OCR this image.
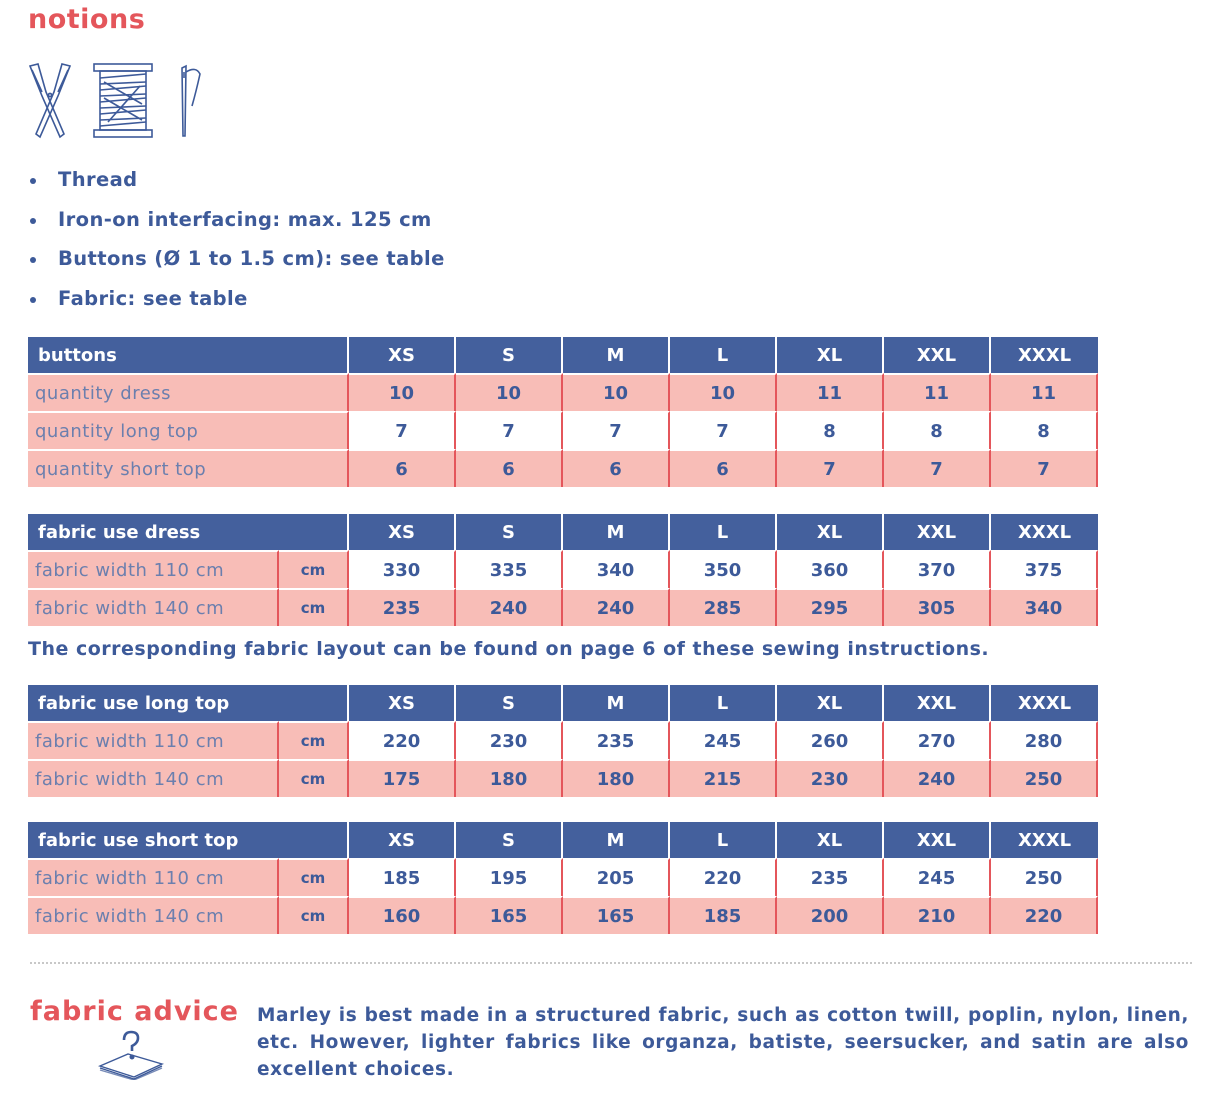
notions
Thread
Iron-on interfacing: max. 125 cm
Buttons (Ø 1 to 1.5 cm): see table
Fabric: see table
buttons	XS	S	M	L	XL	XXL	XXXL
quantity dress	10	10	10	10	11	11	11
quantity long top	7	7	7	7	8	8	8
quantity short top	6	6	6	6	7	7	7
fabric use dress		XS	S	M	L	XL	XXL	XXXL
fabric width 110 cm	cm	330	335	340	350	360	370	375
fabric width 140 cm	cm	235	240	240	285	295	305	340
The corresponding fabric layout can be found on page 6 of these sewing instructions.
fabric use long top		XS	S	M	L	XL	XXL	XXXL
fabric width 110 cm	cm	220	230	235	245	260	270	280
fabric width 140 cm	cm	175	180	180	215	230	240	250
fabric use short top		XS	S	M	L	XL	XXL	XXXL
fabric width 110 cm	cm	185	195	205	220	235	245	250
fabric width 140 cm	cm	160	165	165	185	200	210	220
fabric advice Marley is best made in a structured fabric, such as cotton twill, poplin, nylon, linen, etc. However, lighter fabrics like organza, batiste, seersucker, and satin are also excellent choices.
